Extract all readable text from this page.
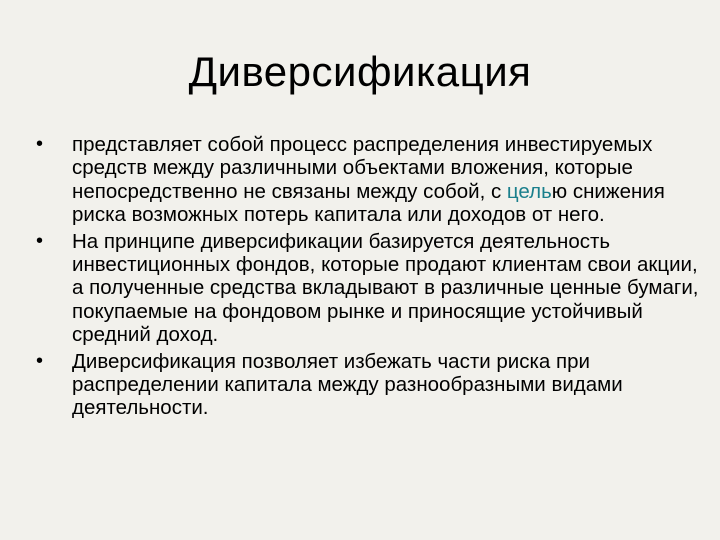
Диверсификация
•	представляет собой процесс распределения инвестируемых средств между различными объектами вложения, которые непосредственно не связаны между собой, с целью снижения риска возможных потерь капитала или доходов от него.
•	На принципе диверсификации базируется деятельность инвестиционных фондов, которые продают клиентам свои акции, а полученные средства вкладывают в различные ценные бумаги, покупаемые на фондовом рынке и приносящие устойчивый средний доход.
•	Диверсификация позволяет избежать части риска при распределении капитала между разнообразными видами деятельности.
